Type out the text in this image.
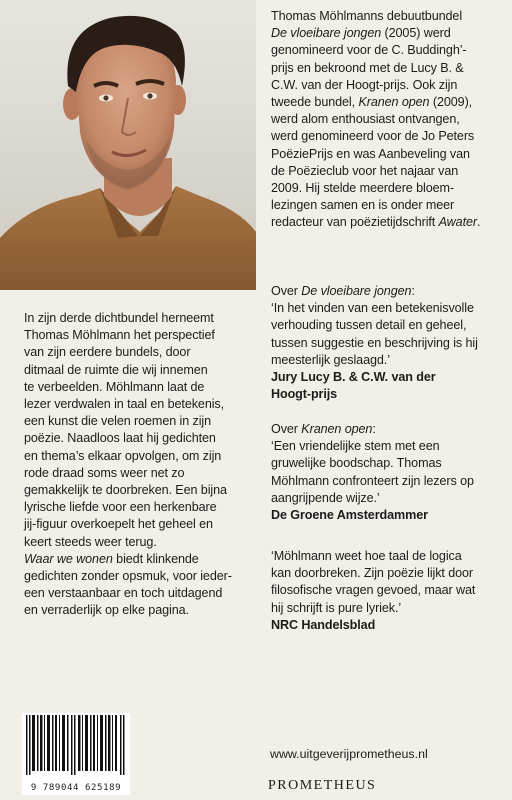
Thomas Möhlmanns debuutbundel
De vloeibare jongen (2005) werd
genomineerd voor de C. Buddingh’-
prijs en bekroond met de Lucy B. &
C.W. van der Hoogt-prijs. Ook zijn
tweede bundel, Kranen open (2009),
werd alom enthousiast ontvangen,
werd genomineerd voor de Jo Peters
PoëziePrijs en was Aanbeveling van
de Poëzieclub voor het najaar van
2009. Hij stelde meerdere bloem-
lezingen samen en is onder meer
redacteur van poëzietijdschrift Awater.
Over De vloeibare jongen:
‘In het vinden van een betekenisvolle
verhouding tussen detail en geheel,
tussen suggestie en beschrijving is hij
meesterlijk geslaagd.’
Jury Lucy B. & C.W. van der
Hoogt-prijs
Over Kranen open:
‘Een vriendelijke stem met een
gruwelijke boodschap. Thomas
Möhlmann confronteert zijn lezers op
aangrijpende wijze.’
De Groene Amsterdammer
‘Möhlmann weet hoe taal de logica
kan doorbreken. Zijn poëzie lijkt door
filosofische vragen gevoed, maar wat
hij schrijft is pure lyriek.’
NRC Handelsblad
In zijn derde dichtbundel herneemt
Thomas Möhlmann het perspectief
van zijn eerdere bundels, door
ditmaal de ruimte die wij innemen
te verbeelden. Möhlmann laat de
lezer verdwalen in taal en betekenis,
een kunst die velen roemen in zijn
poëzie. Naadloos laat hij gedichten
en thema’s elkaar opvolgen, om zijn
rode draad soms weer net zo
gemakkelijk te doorbreken. Een bijna
lyrische liefde voor een herkenbare
jij-figuur overkoepelt het geheel en
keert steeds weer terug.
Waar we wonen biedt klinkende
gedichten zonder opsmuk, voor ieder-
een verstaanbaar en toch uitdagend
en verraderlijk op elke pagina.
9 789044 625189
www.uitgeverijprometheus.nl
PROMETHEUS
